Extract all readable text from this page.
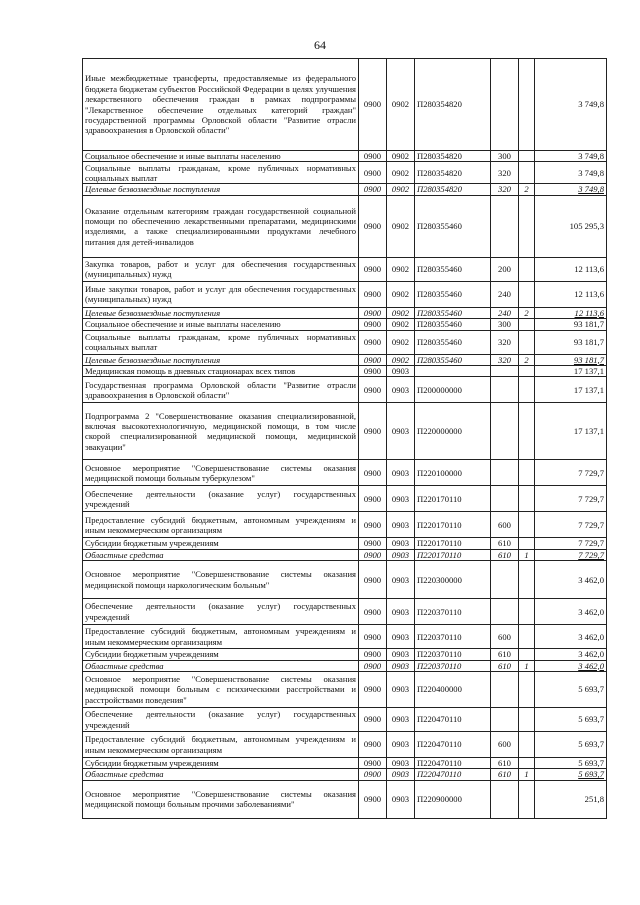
64
Иные межбюджетные трансферты, предоставляемые из федерального бюджета бюджетам субъектов Российской Федерации в целях улучшения лекарственного обеспечения граждан в рамках подпрограммы "Лекарственное обеспечение отдельных категорий граждан" государственной программы Орловской области "Развитие отрасли здравоохранения в Орловской области"	0900	0902	П280354820			3 749,8
Социальное обеспечение и иные выплаты населению	0900	0902	П280354820	300		3 749,8
Социальные выплаты гражданам, кроме публичных нормативных социальных выплат	0900	0902	П280354820	320		3 749,8
Целевые безвозмездные поступления	0900	0902	П280354820	320	2	3 749,8
Оказание отдельным категориям граждан государственной социальной помощи по обеспечению лекарственными препаратами, медицинскими изделиями, а также специализированными продуктами лечебного питания для детей-инвалидов	0900	0902	П280355460			105 295,3
Закупка товаров, работ и услуг для обеспечения государственных (муниципальных) нужд	0900	0902	П280355460	200		12 113,6
Иные закупки товаров, работ и услуг для обеспечения государственных (муниципальных) нужд	0900	0902	П280355460	240		12 113,6
Целевые безвозмездные поступления	0900	0902	П280355460	240	2	12 113,6
Социальное обеспечение и иные выплаты населению	0900	0902	П280355460	300		93 181,7
Социальные выплаты гражданам, кроме публичных нормативных социальных выплат	0900	0902	П280355460	320		93 181,7
Целевые безвозмездные поступления	0900	0902	П280355460	320	2	93 181,7
Медицинская помощь в дневных стационарах всех типов	0900	0903				17 137,1
Государственная программа Орловской области "Развитие отрасли здравоохранения в Орловской области"	0900	0903	П200000000			17 137,1
Подпрограмма 2 "Совершенствование оказания специализированной, включая высокотехнологичную, медицинской помощи, в том числе скорой специализированной медицинской помощи, медицинской эвакуации"	0900	0903	П220000000			17 137,1
Основное мероприятие "Совершенствование системы оказания медицинской помощи больным туберкулезом"	0900	0903	П220100000			7 729,7
Обеспечение деятельности (оказание услуг) государственных учреждений	0900	0903	П220170110			7 729,7
Предоставление субсидий бюджетным, автономным учреждениям и иным некоммерческим организациям	0900	0903	П220170110	600		7 729,7
Субсидии бюджетным учреждениям	0900	0903	П220170110	610		7 729,7
Областные средства	0900	0903	П220170110	610	1	7 729,7
Основное мероприятие "Совершенствование системы оказания медицинской помощи наркологическим больным"	0900	0903	П220300000			3 462,0
Обеспечение деятельности (оказание услуг) государственных учреждений	0900	0903	П220370110			3 462,0
Предоставление субсидий бюджетным, автономным учреждениям и иным некоммерческим организациям	0900	0903	П220370110	600		3 462,0
Субсидии бюджетным учреждениям	0900	0903	П220370110	610		3 462,0
Областные средства	0900	0903	П220370110	610	1	3 462,0
Основное мероприятие "Совершенствование системы оказания медицинской помощи больным с психическими расстройствами и расстройствами поведения"	0900	0903	П220400000			5 693,7
Обеспечение деятельности (оказание услуг) государственных учреждений	0900	0903	П220470110			5 693,7
Предоставление субсидий бюджетным, автономным учреждениям и иным некоммерческим организациям	0900	0903	П220470110	600		5 693,7
Субсидии бюджетным учреждениям	0900	0903	П220470110	610		5 693,7
Областные средства	0900	0903	П220470110	610	1	5 693,7
Основное мероприятие "Совершенствование системы оказания медицинской помощи больным прочими заболеваниями"	0900	0903	П220900000			251,8
